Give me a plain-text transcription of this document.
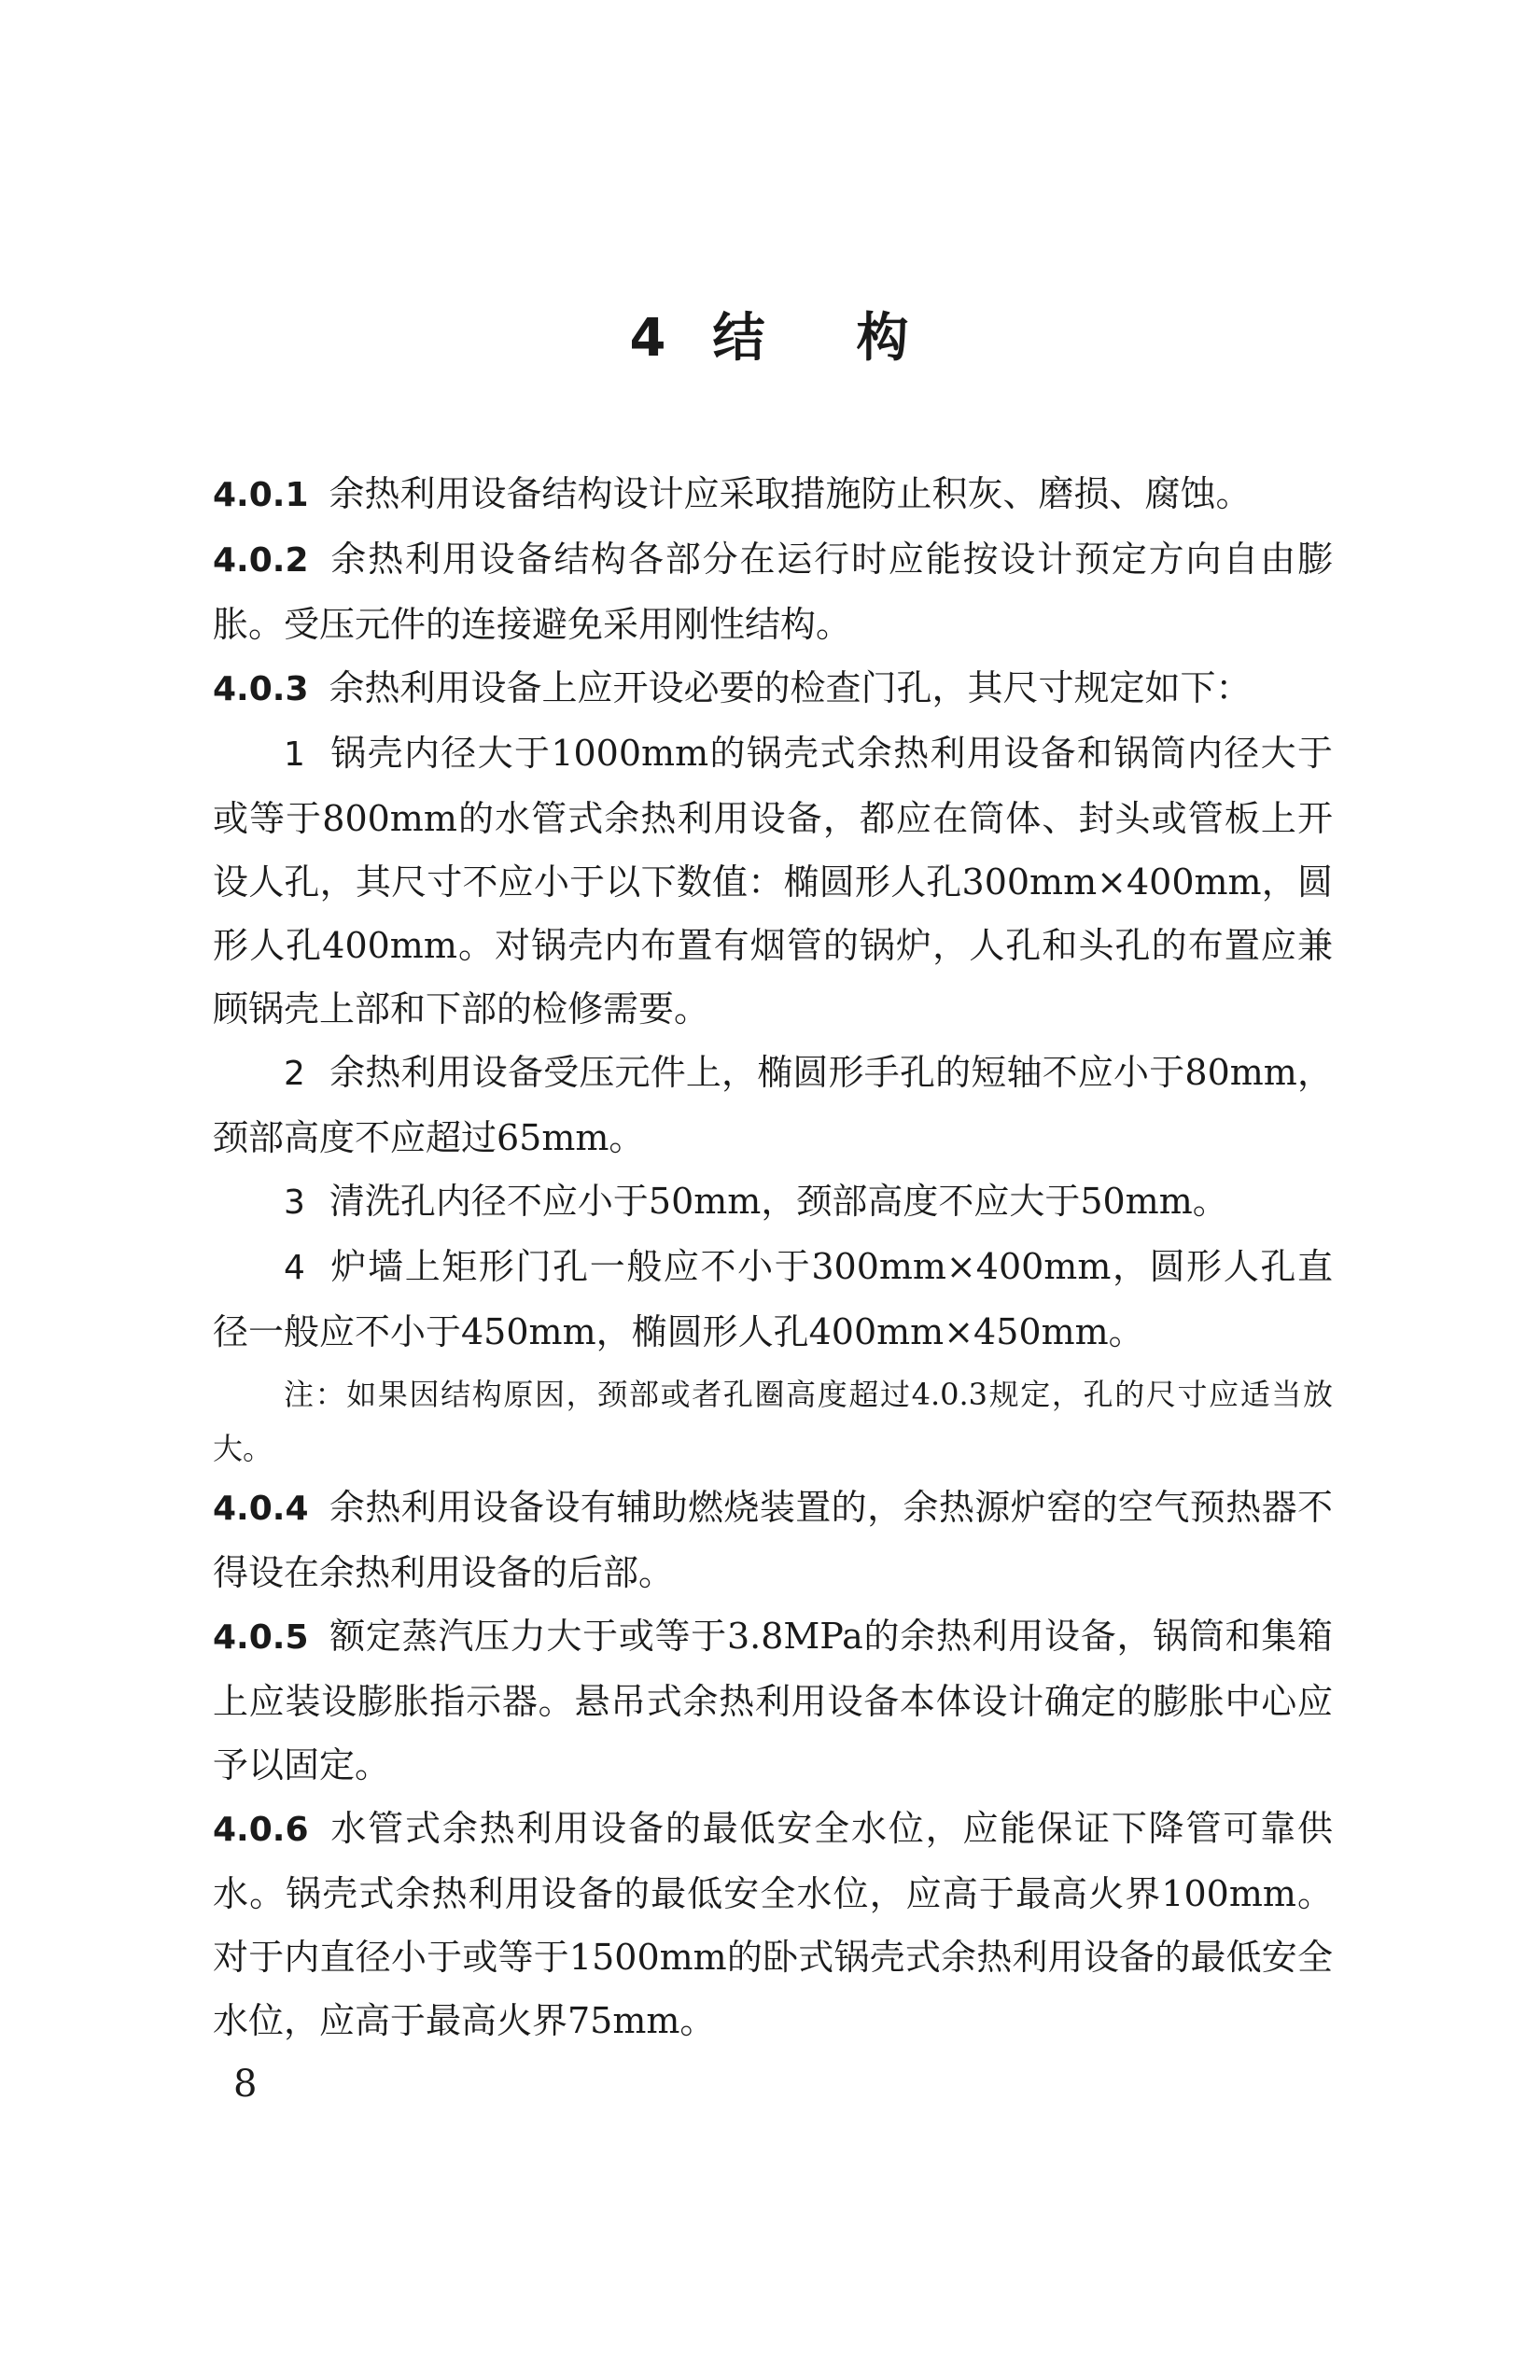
4 结 构

4.0.1 余热利用设备结构设计应采取措施防止积灰、磨损、腐蚀。

4.0.2 余热利用设备结构各部分在运行时应能按设计预定方向自由膨胀。受压元件的连接避免采用刚性结构。

4.0.3 余热利用设备上应开设必要的检查门孔，其尺寸规定如下：

1 锅壳内径大于1000mm的锅壳式余热利用设备和锅筒内径大于或等于800mm的水管式余热利用设备，都应在筒体、封头或管板上开设人孔，其尺寸不应小于以下数值：椭圆形人孔300mm×400mm，圆形人孔400mm。对锅壳内布置有烟管的锅炉，人孔和头孔的布置应兼顾锅壳上部和下部的检修需要。

2 余热利用设备受压元件上，椭圆形手孔的短轴不应小于80mm，颈部高度不应超过65mm。

3 清洗孔内径不应小于50mm，颈部高度不应大于50mm。

4 炉墙上矩形门孔一般应不小于300mm×400mm，圆形人孔直径一般应不小于450mm，椭圆形人孔400mm×450mm。

注：如果因结构原因，颈部或者孔圈高度超过4.0.3规定，孔的尺寸应适当放大。

4.0.4 余热利用设备设有辅助燃烧装置的，余热源炉窑的空气预热器不得设在余热利用设备的后部。

4.0.5 额定蒸汽压力大于或等于3.8MPa的余热利用设备，锅筒和集箱上应装设膨胀指示器。悬吊式余热利用设备本体设计确定的膨胀中心应予以固定。

4.0.6 水管式余热利用设备的最低安全水位，应能保证下降管可靠供水。锅壳式余热利用设备的最低安全水位，应高于最高火界100mm。对于内直径小于或等于1500mm的卧式锅壳式余热利用设备的最低安全水位，应高于最高火界75mm。

8
